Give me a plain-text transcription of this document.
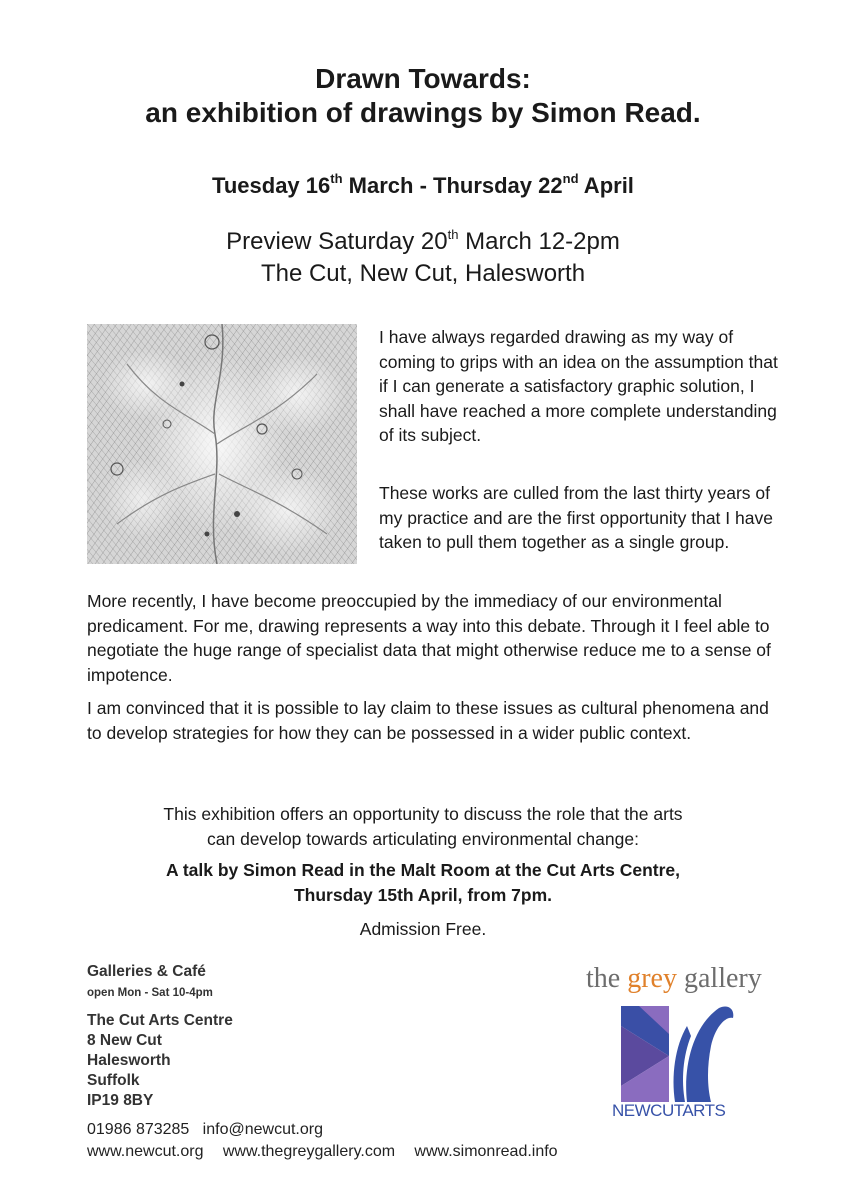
Drawn Towards:
an exhibition of drawings by Simon Read.
Tuesday 16th March - Thursday 22nd April
Preview Saturday 20th March 12-2pm
The Cut, New Cut, Halesworth

I have always regarded drawing as my way of coming to grips with an idea on the assumption that if I can generate a satisfactory graphic solution, I shall have reached a more complete understanding of its subject.

These works are culled from the last thirty years of my practice and are the first opportunity that I have taken to pull them together as a single group.

More recently, I have become preoccupied by the immediacy of our environmental predicament. For me, drawing represents a way into this debate. Through it I feel able to negotiate the huge range of specialist data that might otherwise reduce me to a sense of impotence.

I am convinced that it is possible to lay claim to these issues as cultural phenomena and to develop strategies for how they can be possessed in a wider public context.

This exhibition offers an opportunity to discuss the role that the arts
can develop towards articulating environmental change:
A talk by Simon Read in the Malt Room at the Cut Arts Centre,
Thursday 15th April, from 7pm.
Admission Free.
Galleries & Café
open Mon - Sat 10-4pm
The Cut Arts Centre
8 New Cut
Halesworth
Suffolk
IP19 8BY
01986 873285 info@newcut.org
www.newcut.org www.thegreygallery.com www.simonread.info
the grey gallery
NEWCUTARTS
